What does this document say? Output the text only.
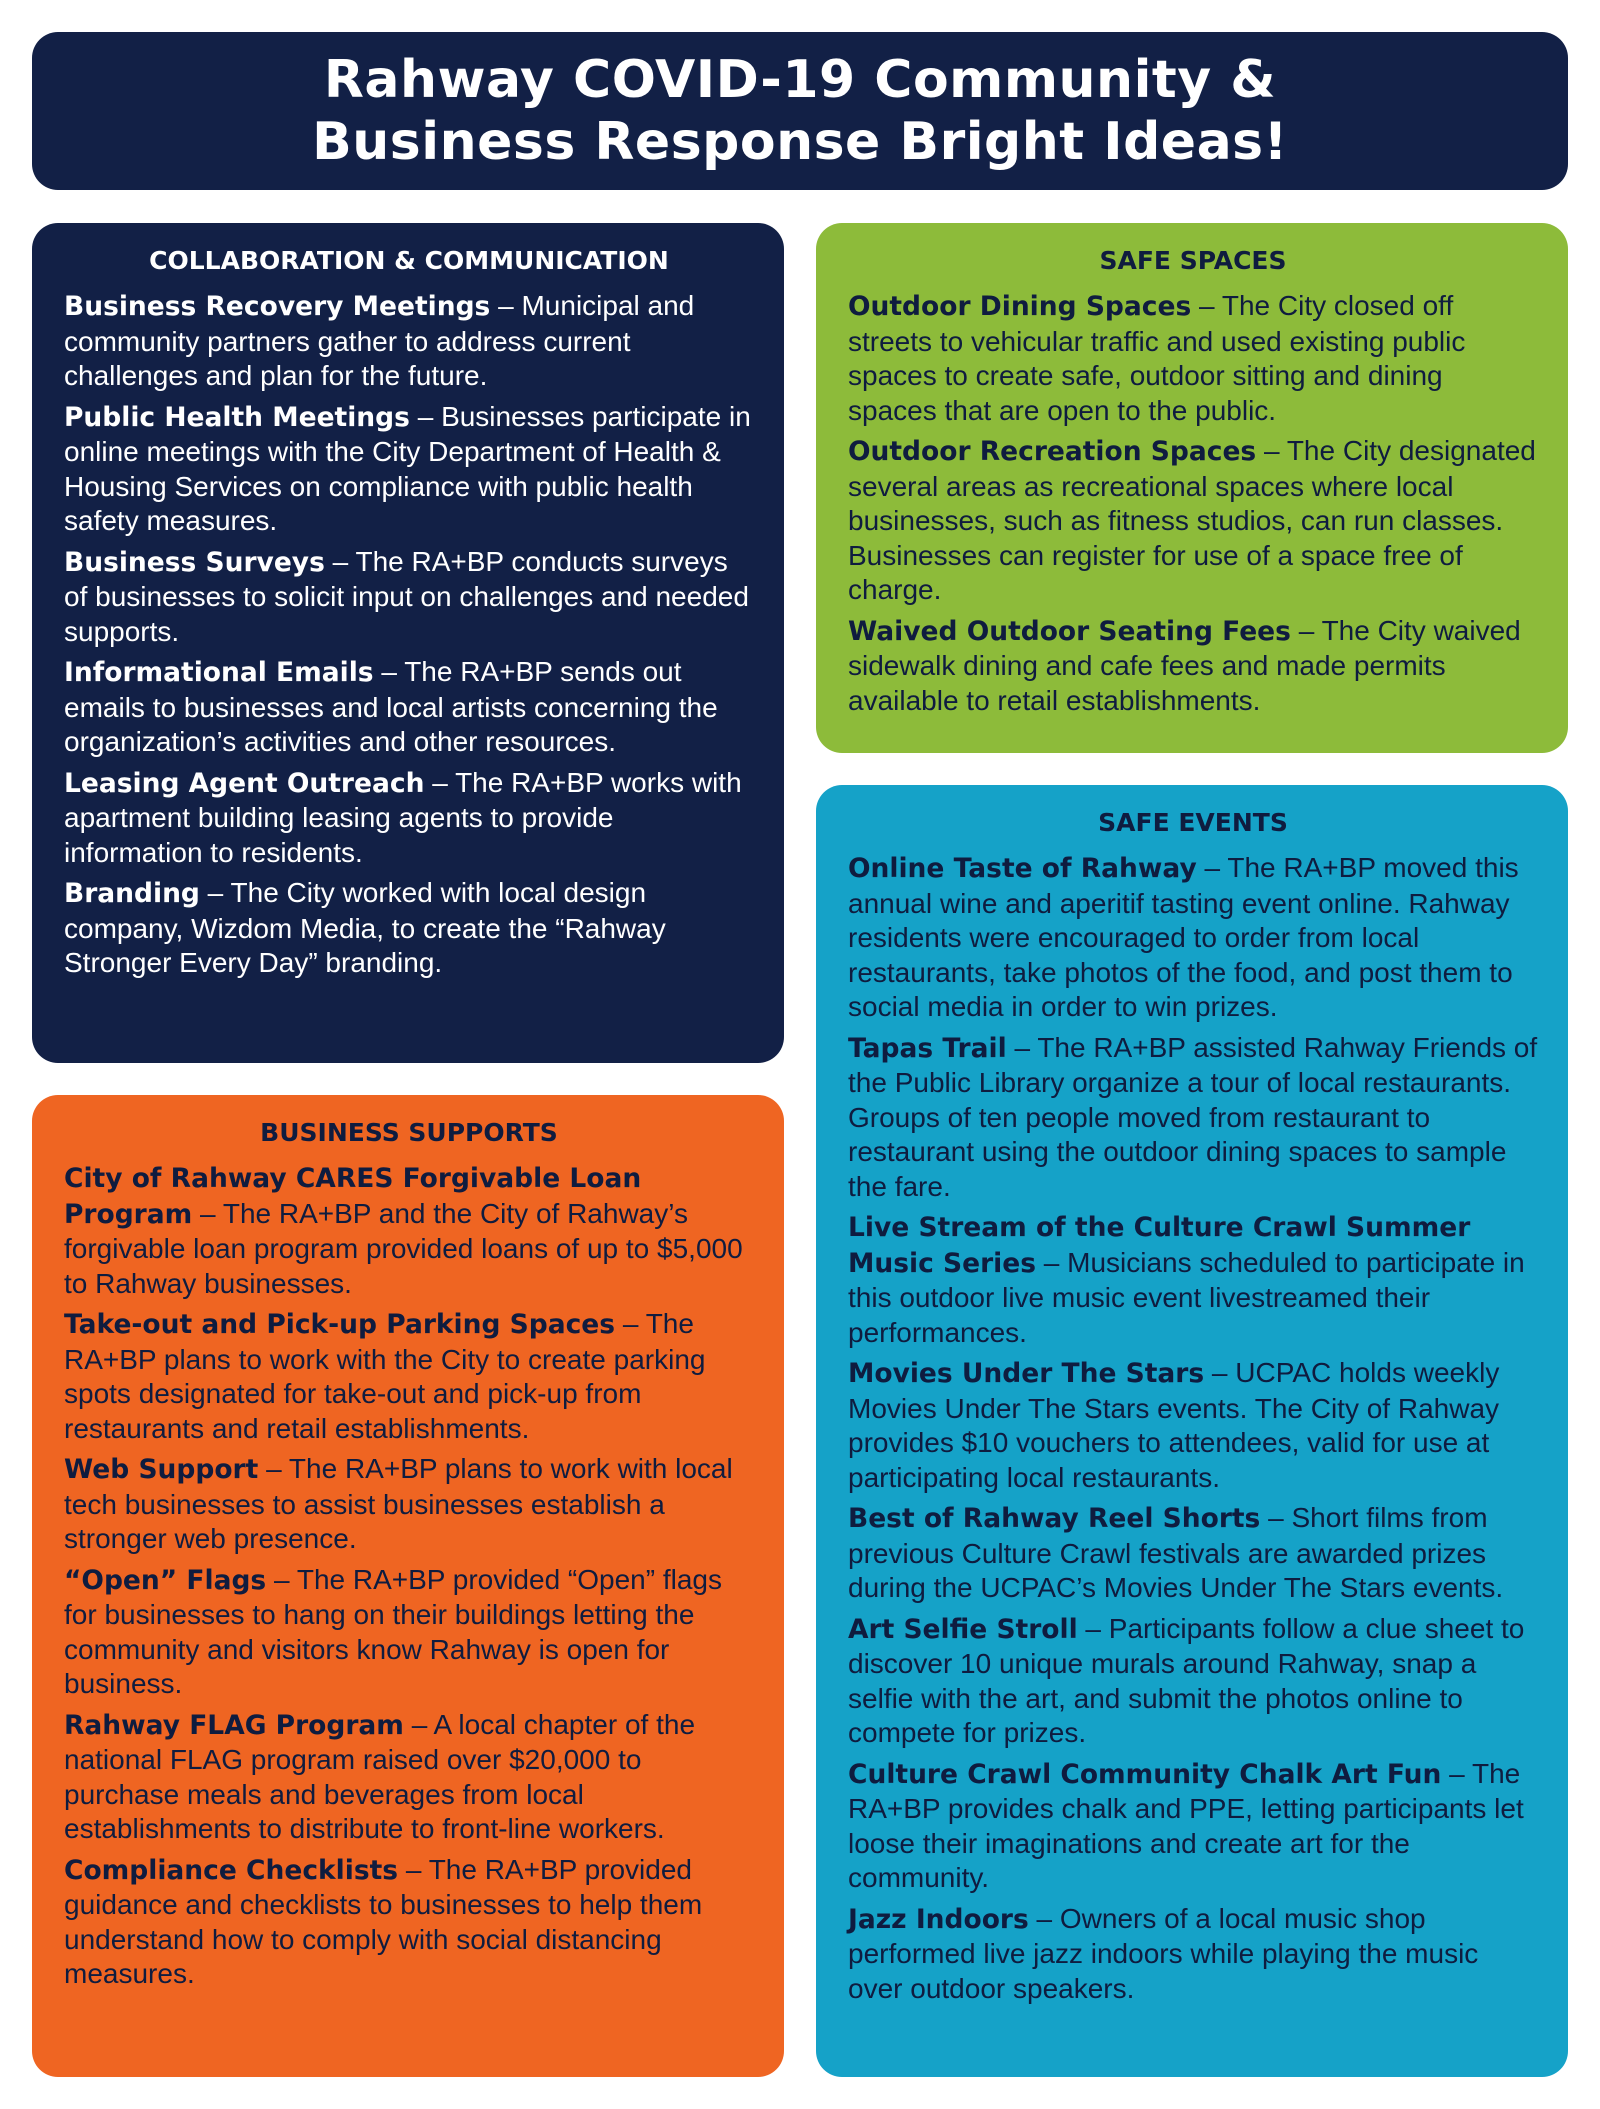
Rahway COVID-19 Community &
Business Response Bright Ideas!
COLLABORATION & COMMUNICATION

Business Recovery Meetings – Municipal and community partners gather to address current challenges and plan for the future.

Public Health Meetings – Businesses participate in online meetings with the City Department of Health & Housing Services on compliance with public health safety measures.

Business Surveys – The RA+BP conducts surveys of businesses to solicit input on challenges and needed supports.

Informational Emails – The RA+BP sends out emails to businesses and local artists concerning the organization’s activities and other resources.

Leasing Agent Outreach – The RA+BP works with apartment building leasing agents to provide information to residents.

Branding – The City worked with local design company, Wizdom Media, to create the “Rahway Stronger Every Day” branding.

SAFE SPACES

Outdoor Dining Spaces – The City closed off streets to vehicular traffic and used existing public spaces to create safe, outdoor sitting and dining spaces that are open to the public.

Outdoor Recreation Spaces – The City designated several areas as recreational spaces where local businesses, such as fitness studios, can run classes. Businesses can register for use of a space free of charge.

Waived Outdoor Seating Fees – The City waived sidewalk dining and cafe fees and made permits available to retail establishments.

BUSINESS SUPPORTS

City of Rahway CARES Forgivable Loan Program – The RA+BP and the City of Rahway’s forgivable loan program provided loans of up to $5,000 to Rahway businesses.

Take-out and Pick-up Parking Spaces – The RA+BP plans to work with the City to create parking spots designated for take-out and pick-up from restaurants and retail establishments.

Web Support – The RA+BP plans to work with local tech businesses to assist businesses establish a stronger web presence.

“Open” Flags – The RA+BP provided “Open” flags for businesses to hang on their buildings letting the community and visitors know Rahway is open for business.

Rahway FLAG Program – A local chapter of the national FLAG program raised over $20,000 to purchase meals and beverages from local establishments to distribute to front-line workers.

Compliance Checklists – The RA+BP provided guidance and checklists to businesses to help them understand how to comply with social distancing measures.

SAFE EVENTS

Online Taste of Rahway – The RA+BP moved this annual wine and aperitif tasting event online. Rahway residents were encouraged to order from local restaurants, take photos of the food, and post them to social media in order to win prizes.

Tapas Trail – The RA+BP assisted Rahway Friends of the Public Library organize a tour of local restaurants. Groups of ten people moved from restaurant to restaurant using the outdoor dining spaces to sample the fare.

Live Stream of the Culture Crawl Summer Music Series – Musicians scheduled to participate in this outdoor live music event livestreamed their performances.

Movies Under The Stars – UCPAC holds weekly Movies Under The Stars events. The City of Rahway provides $10 vouchers to attendees, valid for use at participating local restaurants.

Best of Rahway Reel Shorts – Short films from previous Culture Crawl festivals are awarded prizes during the UCPAC’s Movies Under The Stars events.

Art Selfie Stroll – Participants follow a clue sheet to discover 10 unique murals around Rahway, snap a selfie with the art, and submit the photos online to compete for prizes.

Culture Crawl Community Chalk Art Fun – The RA+BP provides chalk and PPE, letting participants let loose their imaginations and create art for the community.

Jazz Indoors – Owners of a local music shop performed live jazz indoors while playing the music over outdoor speakers.
